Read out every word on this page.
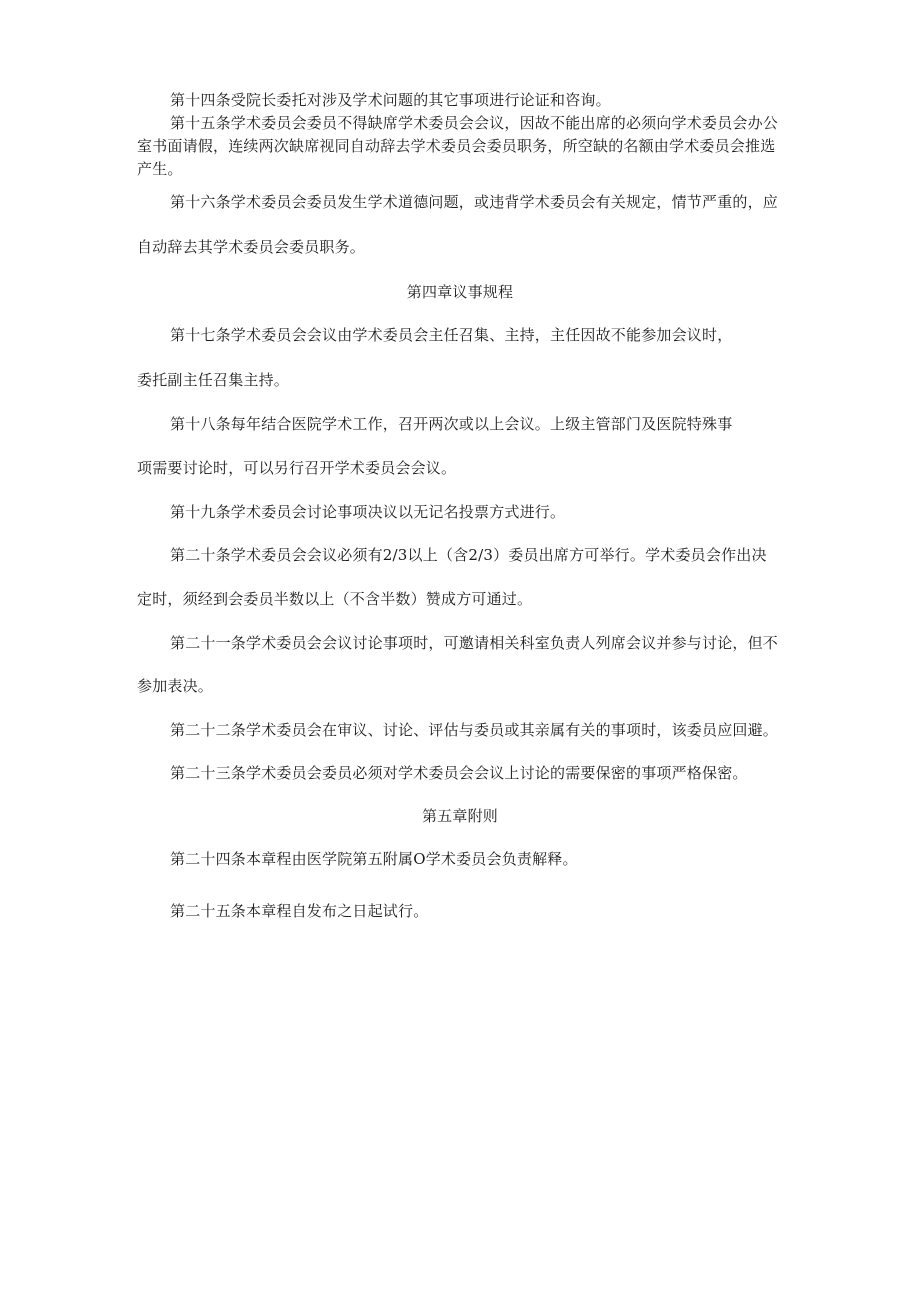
第十四条受院长委托对涉及学术问题的其它事项进行论证和咨询。
第十五条学术委员会委员不得缺席学术委员会会议，因故不能出席的必须向学术委员会办公
室书面请假，连续两次缺席视同自动辞去学术委员会委员职务，所空缺的名额由学术委员会推选
产生。
第十六条学术委员会委员发生学术道德问题，或违背学术委员会有关规定，情节严重的，应
自动辞去其学术委员会委员职务。
第四章议事规程
第十七条学术委员会会议由学术委员会主任召集、主持，主任因故不能参加会议时，
委托副主任召集主持。
第十八条每年结合医院学术工作，召开两次或以上会议。上级主管部门及医院特殊事
项需要讨论时，可以另行召开学术委员会会议。
第十九条学术委员会讨论事项决议以无记名投票方式进行。
第二十条学术委员会会议必须有2/3以上（含2/3）委员出席方可举行。学术委员会作出决
定时，须经到会委员半数以上（不含半数）赞成方可通过。
第二十一条学术委员会会议讨论事项时，可邀请相关科室负责人列席会议并参与讨论，但不
参加表决。
第二十二条学术委员会在审议、讨论、评估与委员或其亲属有关的事项时，该委员应回避。
第二十三条学术委员会委员必须对学术委员会会议上讨论的需要保密的事项严格保密。
第五章附则
第二十四条本章程由医学院第五附属O学术委员会负责解释。
第二十五条本章程自发布之日起试行。
